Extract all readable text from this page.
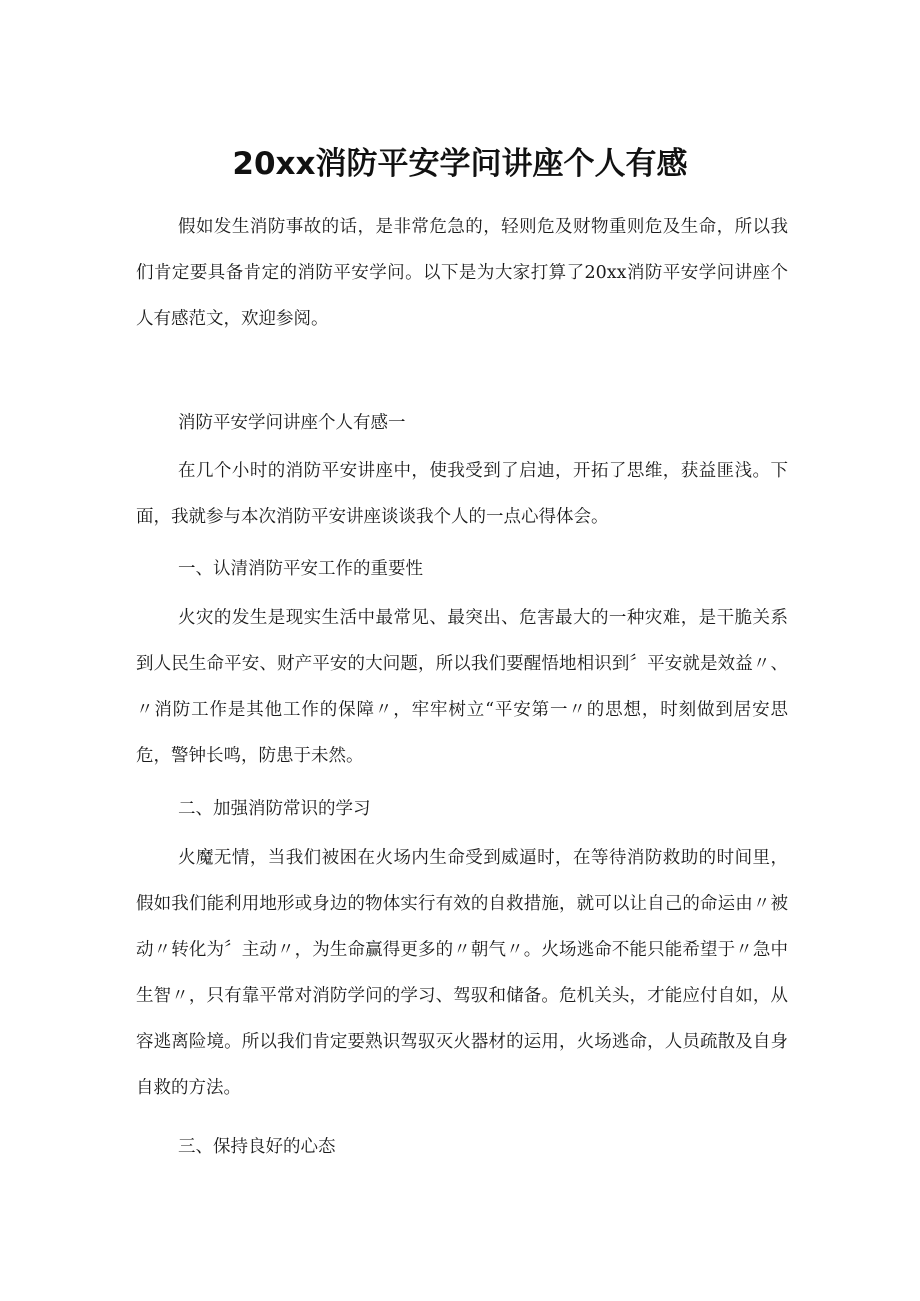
20xx消防平安学问讲座个人有感

假如发生消防事故的话，是非常危急的，轻则危及财物重则危及生命，所以我们肯定要具备肯定的消防平安学问。以下是为大家打算了20xx消防平安学问讲座个人有感范文，欢迎参阅。

消防平安学问讲座个人有感一

在几个小时的消防平安讲座中，使我受到了启迪，开拓了思维，获益匪浅。下面，我就参与本次消防平安讲座谈谈我个人的一点心得体会。

一、认清消防平安工作的重要性

火灾的发生是现实生活中最常见、最突出、危害最大的一种灾难，是干脆关系到人民生命平安、财产平安的大问题，所以我们要醒悟地相识到〞平安就是效益〃、〃消防工作是其他工作的保障〃，牢牢树立“平安第一〃的思想，时刻做到居安思危，警钟长鸣，防患于未然。

二、加强消防常识的学习

火魔无情，当我们被困在火场内生命受到威逼时，在等待消防救助的时间里，假如我们能利用地形或身边的物体实行有效的自救措施，就可以让自己的命运由〃被动〃转化为〞主动〃，为生命赢得更多的〃朝气〃。火场逃命不能只能希望于〃急中生智〃，只有靠平常对消防学问的学习、驾驭和储备。危机关头，才能应付自如，从容逃离险境。所以我们肯定要熟识驾驭灭火器材的运用，火场逃命，人员疏散及自身自救的方法。

三、保持良好的心态
